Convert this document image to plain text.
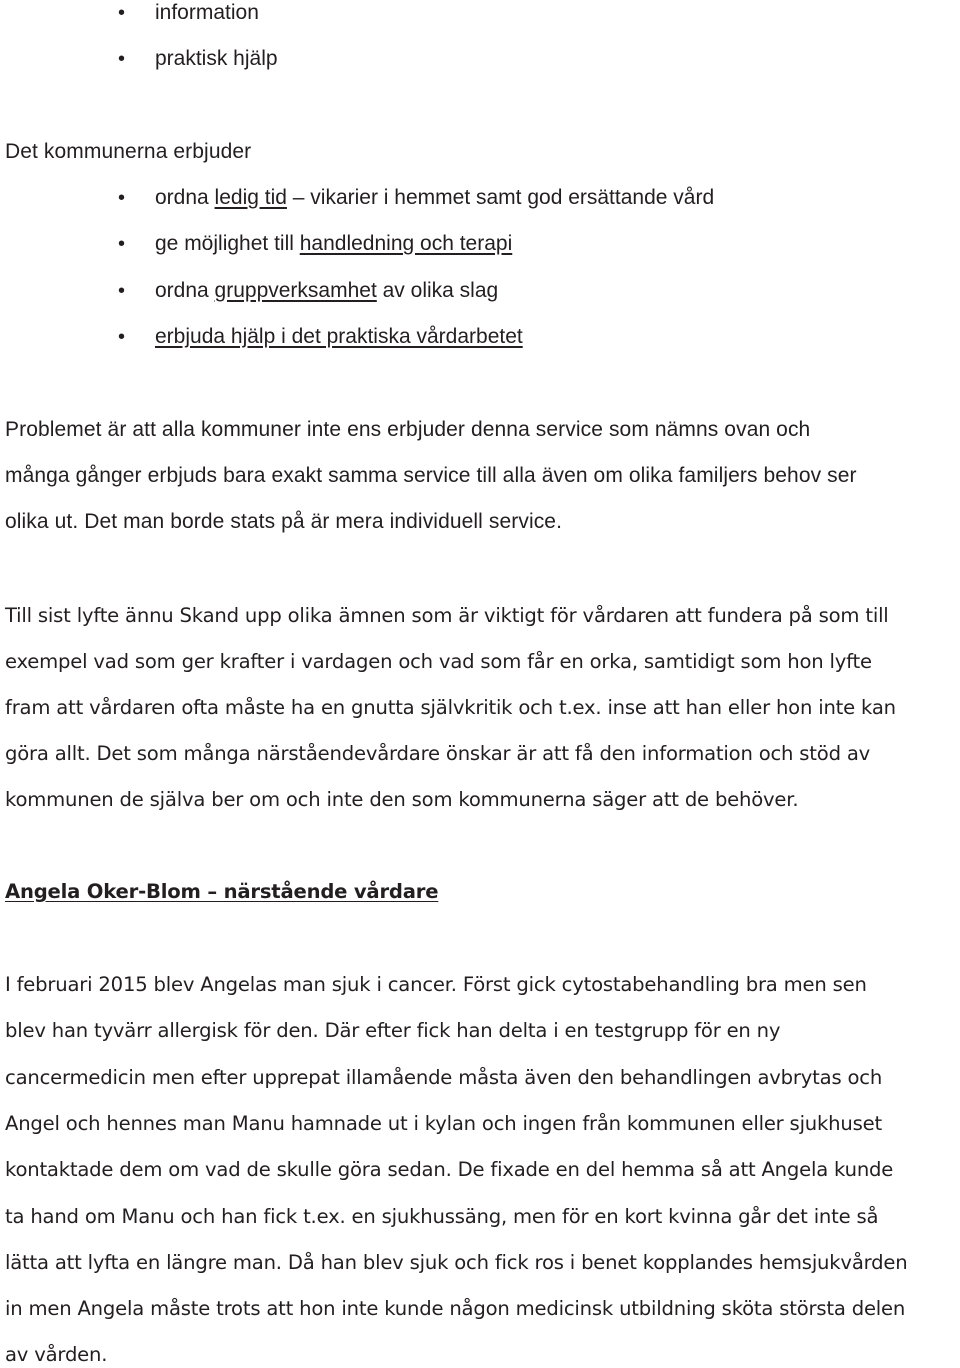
• information
• praktisk hjälp
Det kommunerna erbjuder
• ordna ledig tid – vikarier i hemmet samt god ersättande vård
• ge möjlighet till handledning och terapi
• ordna gruppverksamhet av olika slag
• erbjuda hjälp i det praktiska vårdarbetet
Problemet är att alla kommuner inte ens erbjuder denna service som nämns ovan och
många gånger erbjuds bara exakt samma service till alla även om olika familjers behov ser
olika ut. Det man borde stats på är mera individuell service.
Till sist lyfte ännu Skand upp olika ämnen som är viktigt för vårdaren att fundera på som till
exempel vad som ger krafter i vardagen och vad som får en orka, samtidigt som hon lyfte
fram att vårdaren ofta måste ha en gnutta självkritik och t.ex. inse att han eller hon inte kan
göra allt. Det som många närståendevårdare önskar är att få den information och stöd av
kommunen de själva ber om och inte den som kommunerna säger att de behöver.
Angela Oker-Blom – närstående vårdare
I februari 2015 blev Angelas man sjuk i cancer. Först gick cytostabehandling bra men sen
blev han tyvärr allergisk för den. Där efter fick han delta i en testgrupp för en ny
cancermedicin men efter upprepat illamående måsta även den behandlingen avbrytas och
Angel och hennes man Manu hamnade ut i kylan och ingen från kommunen eller sjukhuset
kontaktade dem om vad de skulle göra sedan. De fixade en del hemma så att Angela kunde
ta hand om Manu och han fick t.ex. en sjukhussäng, men för en kort kvinna går det inte så
lätta att lyfta en längre man. Då han blev sjuk och fick ros i benet kopplandes hemsjukvården
in men Angela måste trots att hon inte kunde någon medicinsk utbildning sköta största delen
av vården.
